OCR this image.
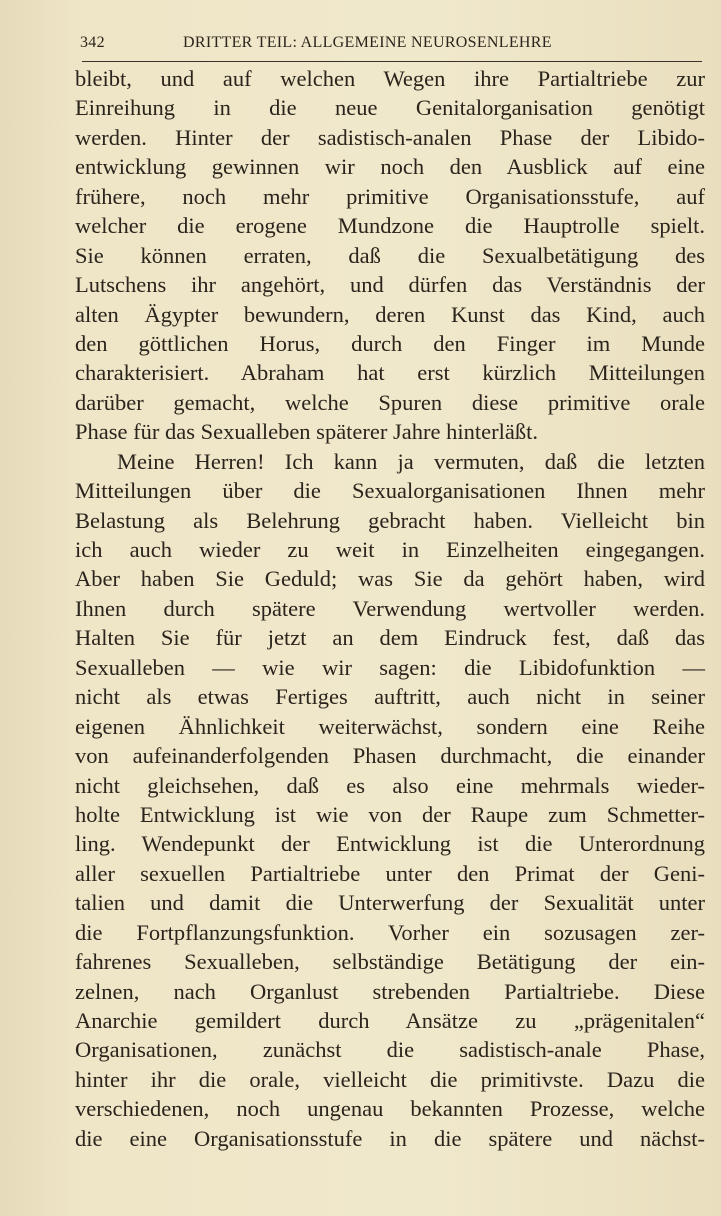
342	DRITTER TEIL: ALLGEMEINE NEUROSENLEHRE
bleibt, und auf welchen Wegen ihre Partialtriebe zur
Einreihung in die neue Genitalorganisation genötigt
werden. Hinter der sadistisch-analen Phase der Libido-
entwicklung gewinnen wir noch den Ausblick auf eine
frühere, noch mehr primitive Organisationsstufe, auf
welcher die erogene Mundzone die Hauptrolle spielt.
Sie können erraten, daß die Sexualbetätigung des
Lutschens ihr angehört, und dürfen das Verständnis der
alten Ägypter bewundern, deren Kunst das Kind, auch
den göttlichen Horus, durch den Finger im Munde
charakterisiert. Abraham hat erst kürzlich Mitteilungen
darüber gemacht, welche Spuren diese primitive orale
Phase für das Sexualleben späterer Jahre hinterläßt.
Meine Herren! Ich kann ja vermuten, daß die letzten
Mitteilungen über die Sexualorganisationen Ihnen mehr
Belastung als Belehrung gebracht haben. Vielleicht bin
ich auch wieder zu weit in Einzelheiten eingegangen.
Aber haben Sie Geduld; was Sie da gehört haben, wird
Ihnen durch spätere Verwendung wertvoller werden.
Halten Sie für jetzt an dem Eindruck fest, daß das
Sexualleben — wie wir sagen: die Libidofunktion —
nicht als etwas Fertiges auftritt, auch nicht in seiner
eigenen Ähnlichkeit weiterwächst, sondern eine Reihe
von aufeinanderfolgenden Phasen durchmacht, die einander
nicht gleichsehen, daß es also eine mehrmals wieder-
holte Entwicklung ist wie von der Raupe zum Schmetter-
ling. Wendepunkt der Entwicklung ist die Unterordnung
aller sexuellen Partialtriebe unter den Primat der Geni-
talien und damit die Unterwerfung der Sexualität unter
die Fortpflanzungsfunktion. Vorher ein sozusagen zer-
fahrenes Sexualleben, selbständige Betätigung der ein-
zelnen, nach Organlust strebenden Partialtriebe. Diese
Anarchie gemildert durch Ansätze zu „prägenitalen“
Organisationen, zunächst die sadistisch-anale Phase,
hinter ihr die orale, vielleicht die primitivste. Dazu die
verschiedenen, noch ungenau bekannten Prozesse, welche
die eine Organisationsstufe in die spätere und nächst-
